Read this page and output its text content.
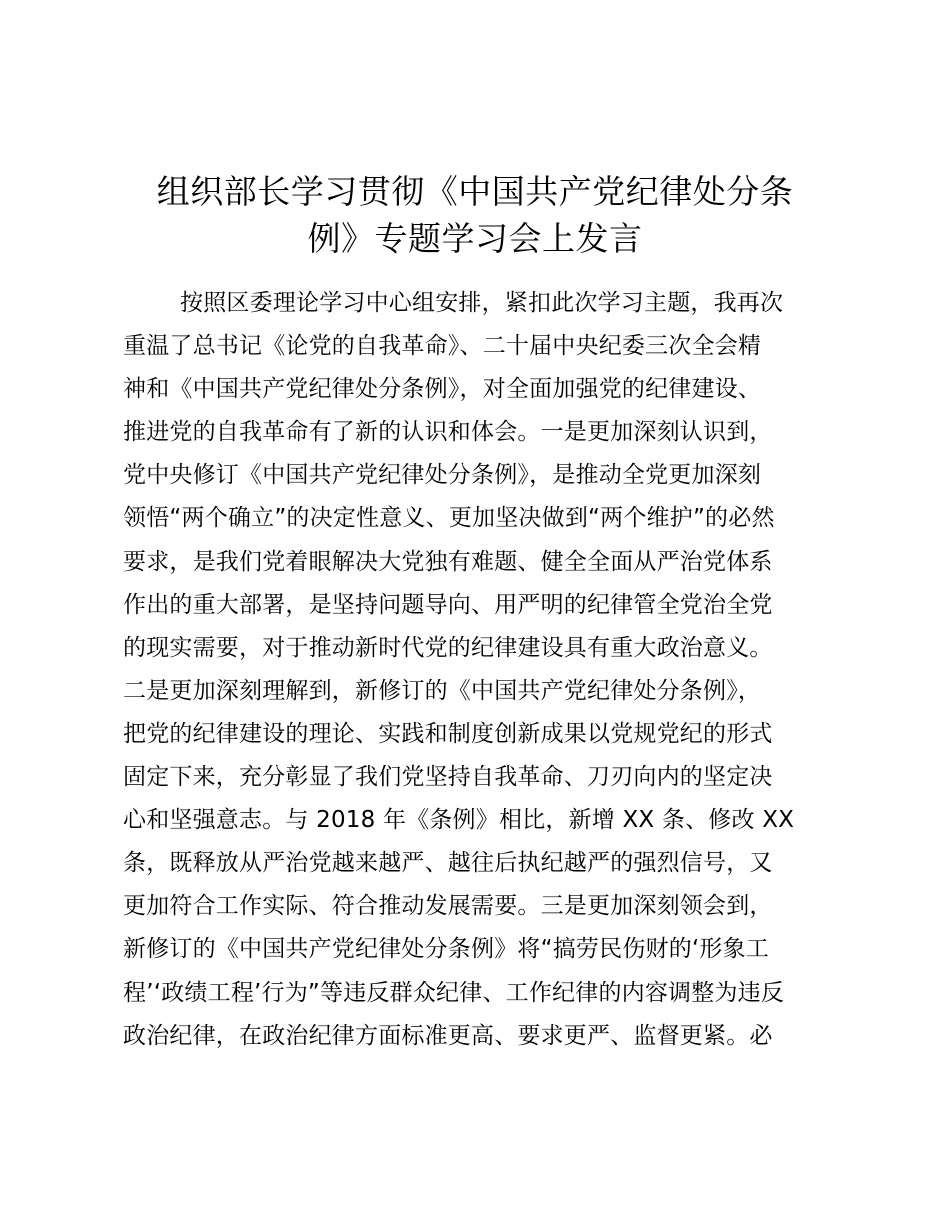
组织部长学习贯彻《中国共产党纪律处分条
例》专题学习会上发言
按照区委理论学习中心组安排，紧扣此次学习主题，我再次
重温了总书记《论党的自我革命》、二十届中央纪委三次全会精
神和《中国共产党纪律处分条例》，对全面加强党的纪律建设、
推进党的自我革命有了新的认识和体会。一是更加深刻认识到，
党中央修订《中国共产党纪律处分条例》，是推动全党更加深刻
领悟“两个确立”的决定性意义、更加坚决做到“两个维护”的必然
要求，是我们党着眼解决大党独有难题、健全全面从严治党体系
作出的重大部署，是坚持问题导向、用严明的纪律管全党治全党
的现实需要，对于推动新时代党的纪律建设具有重大政治意义。
二是更加深刻理解到，新修订的《中国共产党纪律处分条例》，
把党的纪律建设的理论、实践和制度创新成果以党规党纪的形式
固定下来，充分彰显了我们党坚持自我革命、刀刃向内的坚定决
心和坚强意志。与 2018 年《条例》相比，新增 XX 条、修改 XX
条，既释放从严治党越来越严、越往后执纪越严的强烈信号，又
更加符合工作实际、符合推动发展需要。三是更加深刻领会到，
新修订的《中国共产党纪律处分条例》将“搞劳民伤财的‘形象工
程’‘政绩工程’行为”等违反群众纪律、工作纪律的内容调整为违反
政治纪律，在政治纪律方面标准更高、要求更严、监督更紧。必
